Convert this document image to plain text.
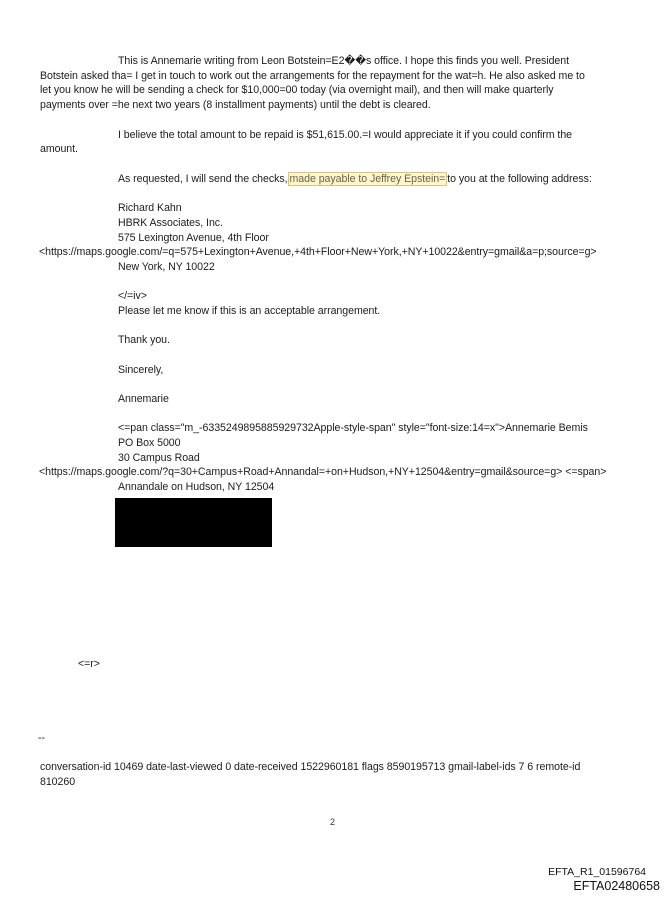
This is Annemarie writing from Leon Botstein=E2��s office. I hope this finds you well. President
Botstein asked tha= I get in touch to work out the arrangements for the repayment for the wat=h. He also asked me to
let you know he will be sending a check for $10,000=00 today (via overnight mail), and then will make quarterly
payments over =he next two years (8 installment payments) until the debt is cleared.
I believe the total amount to be repaid is $51,615.00.=I would appreciate it if you could confirm the
amount.
As requested, I will send the checks, made payable to Jeffrey Epstein= to you at the following address:
Richard Kahn
HBRK Associates, Inc.
575 Lexington Avenue, 4th Floor
<https://maps.google.com/=q=575+Lexington+Avenue,+4th+Floor+New+York,+NY+10022&entry=gmail&a=p;source=g>
New York, NY 10022
</=iv>
Please let me know if this is an acceptable arrangement.
Thank you.
Sincerely,
Annemarie
<=pan class="m_-6335249895885929732Apple-style-span" style="font-size:14=x">Annemarie Bemis
PO Box 5000
30 Campus Road
<https://maps.google.com/?q=30+Campus+Road+Annandal=+on+Hudson,+NY+12504&entry=gmail&source=g> <=span>
Annandale on Hudson, NY 12504
<=r>
--
conversation-id 10469 date-last-viewed 0 date-received 1522960181 flags 8590195713 gmail-label-ids 7 6 remote-id
810260
2
EFTA_R1_01596764
EFTA02480658
